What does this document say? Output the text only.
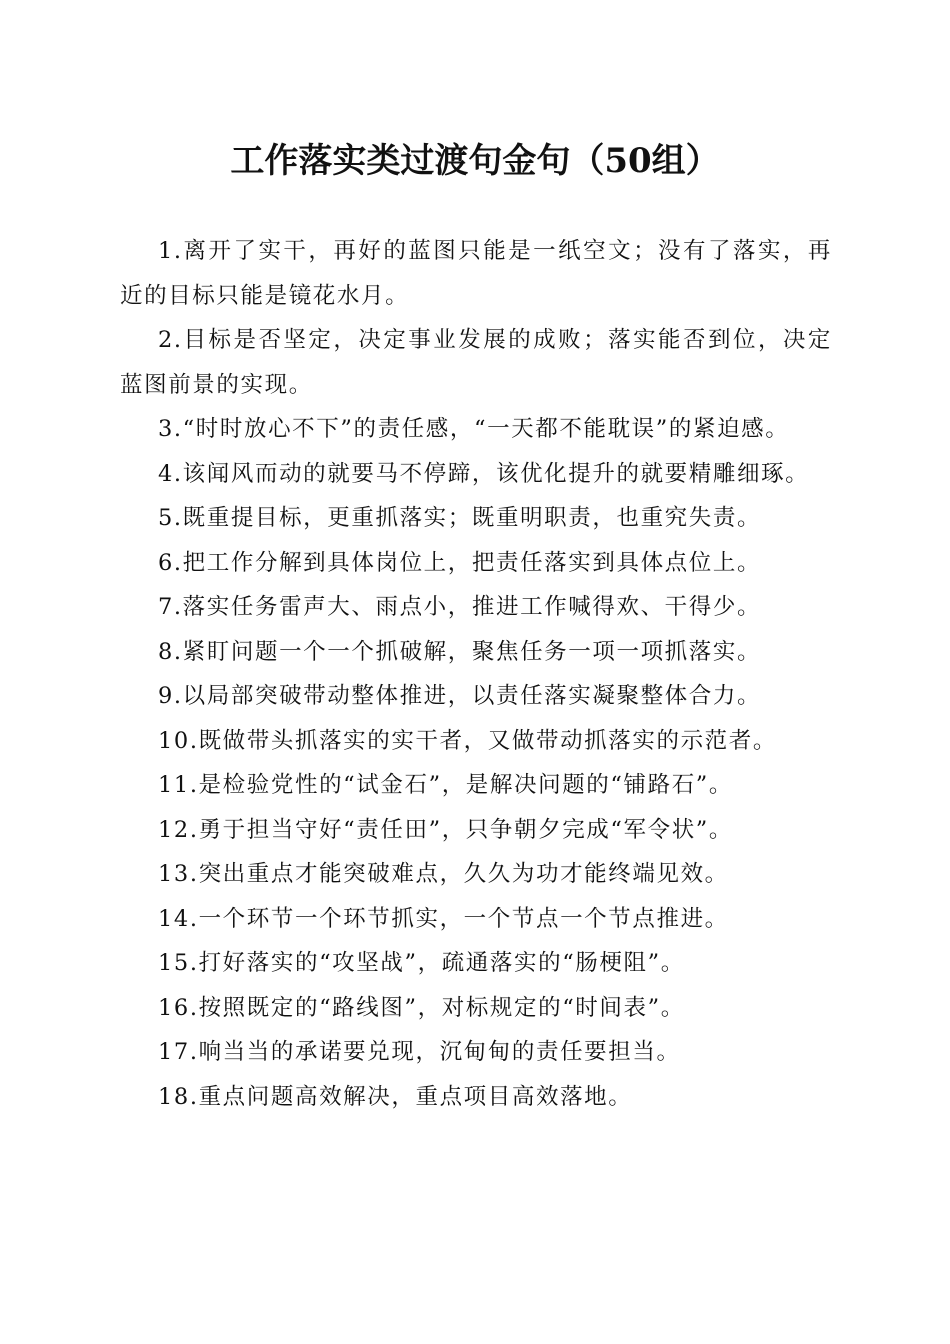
工作落实类过渡句金句（50组）

1.离开了实干，再好的蓝图只能是一纸空文；没有了落实，再近的目标只能是镜花水月。

2.目标是否坚定，决定事业发展的成败；落实能否到位，决定蓝图前景的实现。

3.“时时放心不下”的责任感，“一天都不能耽误”的紧迫感。

4.该闻风而动的就要马不停蹄，该优化提升的就要精雕细琢。

5.既重提目标，更重抓落实；既重明职责，也重究失责。

6.把工作分解到具体岗位上，把责任落实到具体点位上。

7.落实任务雷声大、雨点小，推进工作喊得欢、干得少。

8.紧盯问题一个一个抓破解，聚焦任务一项一项抓落实。

9.以局部突破带动整体推进，以责任落实凝聚整体合力。

10.既做带头抓落实的实干者，又做带动抓落实的示范者。

11.是检验党性的“试金石”，是解决问题的“铺路石”。

12.勇于担当守好“责任田”，只争朝夕完成“军令状”。

13.突出重点才能突破难点，久久为功才能终端见效。

14.一个环节一个环节抓实，一个节点一个节点推进。

15.打好落实的“攻坚战”，疏通落实的“肠梗阻”。

16.按照既定的“路线图”，对标规定的“时间表”。

17.响当当的承诺要兑现，沉甸甸的责任要担当。

18.重点问题高效解决，重点项目高效落地。
